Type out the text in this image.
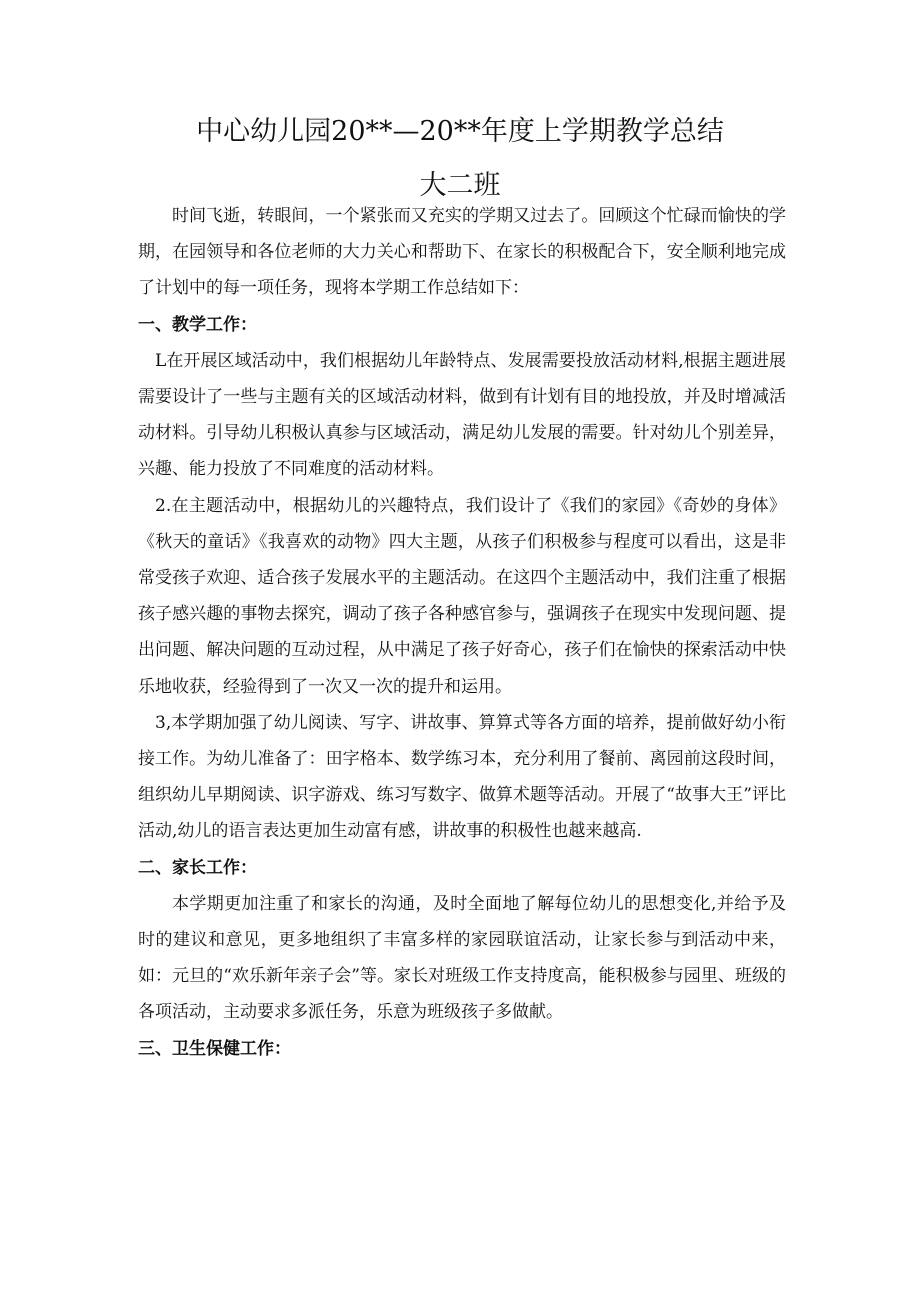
中心幼儿园20**—20**年度上学期教学总结
大二班

时间飞逝，转眼间，一个紧张而又充实的学期又过去了。回顾这个忙碌而愉快的学期，在园领导和各位老师的大力关心和帮助下、在家长的积极配合下，安全顺利地完成了计划中的每一项任务，现将本学期工作总结如下：

一、教学工作：

L在开展区域活动中，我们根据幼儿年龄特点、发展需要投放活动材料,根据主题进展需要设计了一些与主题有关的区域活动材料，做到有计划有目的地投放，并及时增减活动材料。引导幼儿积极认真参与区域活动，满足幼儿发展的需要。针对幼儿个别差异，兴趣、能力投放了不同难度的活动材料。

2.在主题活动中，根据幼儿的兴趣特点，我们设计了《我们的家园》《奇妙的身体》《秋天的童话》《我喜欢的动物》四大主题，从孩子们积极参与程度可以看出，这是非常受孩子欢迎、适合孩子发展水平的主题活动。在这四个主题活动中，我们注重了根据孩子感兴趣的事物去探究，调动了孩子各种感官参与，强调孩子在现实中发现问题、提出问题、解决问题的互动过程，从中满足了孩子好奇心，孩子们在愉快的探索活动中快乐地收获，经验得到了一次又一次的提升和运用。

3,本学期加强了幼儿阅读、写字、讲故事、算算式等各方面的培养，提前做好幼小衔接工作。为幼儿准备了：田字格本、数学练习本，充分利用了餐前、离园前这段时间，组织幼儿早期阅读、识字游戏、练习写数字、做算术题等活动。开展了“故事大王”评比活动,幼儿的语言表达更加生动富有感，讲故事的积极性也越来越高.

二、家长工作：

本学期更加注重了和家长的沟通，及时全面地了解每位幼儿的思想变化,并给予及时的建议和意见，更多地组织了丰富多样的家园联谊活动，让家长参与到活动中来，如：元旦的“欢乐新年亲子会”等。家长对班级工作支持度高，能积极参与园里、班级的各项活动，主动要求多派任务，乐意为班级孩子多做献。

三、卫生保健工作：
